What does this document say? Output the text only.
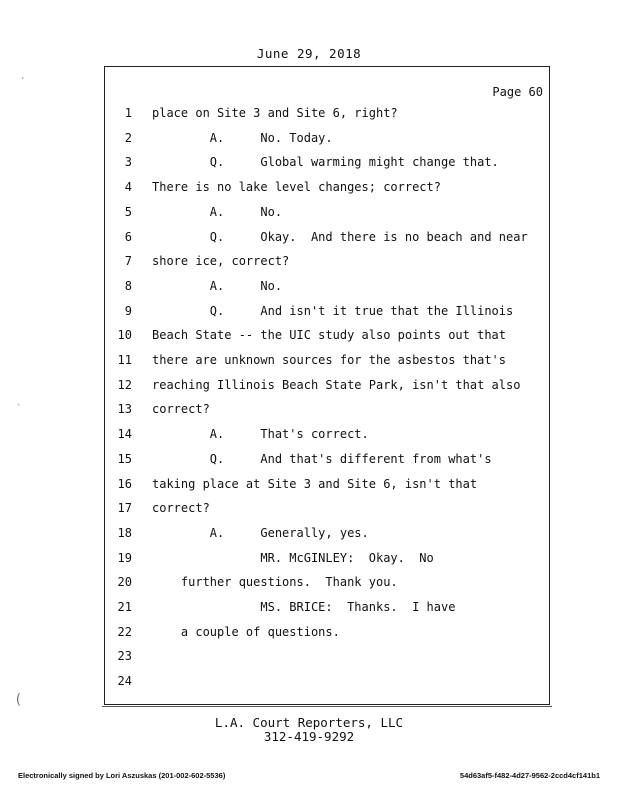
June 29, 2018
Page 60
1 place on Site 3 and Site 6, right?
2 A.     No. Today.
3 Q.     Global warming might change that.
4 There is no lake level changes; correct?
5 A.     No.
6 Q.     Okay.  And there is no beach and near
7 shore ice, correct?
8 A.     No.
9 Q.     And isn't it true that the Illinois
10 Beach State -- the UIC study also points out that
11 there are unknown sources for the asbestos that's
12 reaching Illinois Beach State Park, isn't that also
13 correct?
14 A.     That's correct.
15 Q.     And that's different from what's
16 taking place at Site 3 and Site 6, isn't that
17 correct?
18 A.     Generally, yes.
19 MR. McGINLEY:  Okay.  No
20 further questions.  Thank you.
21 MS. BRICE:  Thanks.  I have
22 a couple of questions.
23
24
L.A. Court Reporters, LLC
312-419-9292
Electronically signed by Lori Aszuskas (201-002-602-5536)	54d63af5-f482-4d27-9562-2ccd4cf141b1
·
ˎ
(
